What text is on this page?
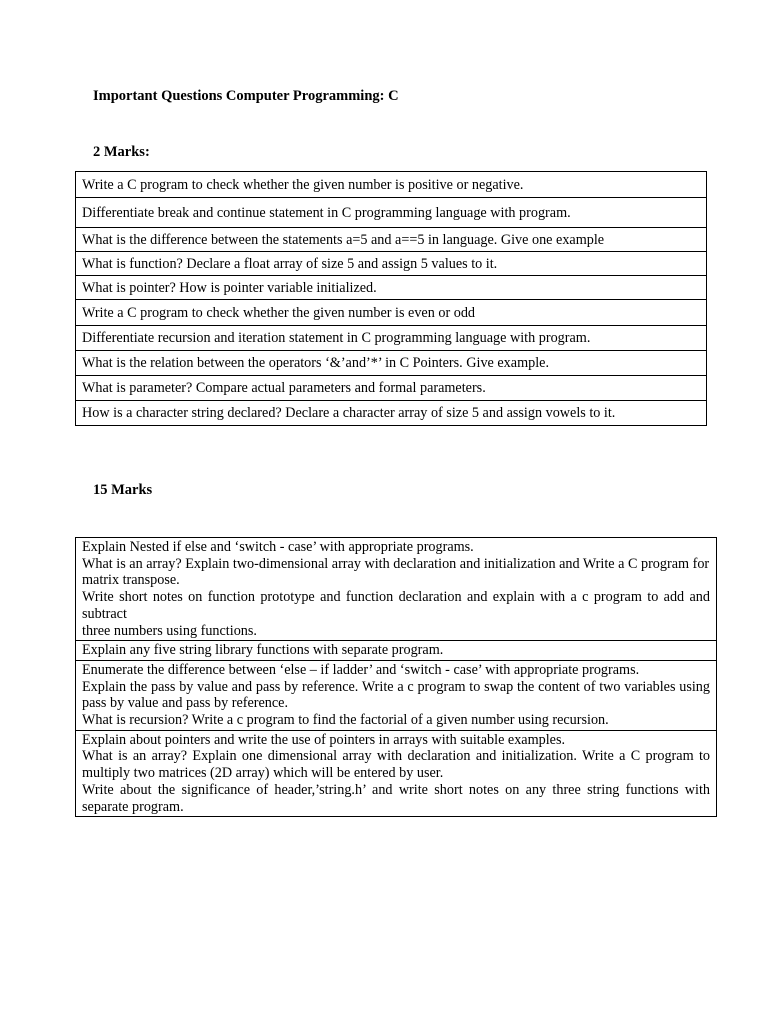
Important Questions Computer Programming: C
2 Marks:
Write a C program to check whether the given number is positive or negative.
Differentiate break and continue statement in C programming language with program.
What is the difference between the statements a=5 and a==5 in language. Give one example
What is function? Declare a float array of size 5 and assign 5 values to it.
What is pointer? How is pointer variable initialized.
Write a C program to check whether the given number is even or odd
Differentiate recursion and iteration statement in C programming language with program.
What is the relation between the operators ‘&’and’*’ in C Pointers. Give example.
What is parameter? Compare actual parameters and formal parameters.
How is a character string declared? Declare a character array of size 5 and assign vowels to it.
15 Marks
Explain Nested if else and ‘switch - case’ with appropriate programs.
What is an array? Explain two-dimensional array with declaration and initialization and Write a C program for
matrix transpose.
Write short notes on function prototype and function declaration and explain with a c program to add and subtract
three numbers using functions.

Explain any five string library functions with separate program.

Enumerate the difference between ‘else – if ladder’ and ‘switch - case’ with appropriate programs.
Explain the pass by value and pass by reference. Write a c program to swap the content of two variables using pass by value and pass by reference.
What is recursion? Write a c program to find the factorial of a given number using recursion.

Explain about pointers and write the use of pointers in arrays with suitable examples.
What is an array? Explain one dimensional array with declaration and initialization. Write a C program to multiply two matrices (2D array) which will be entered by user.
Write about the significance of header,’string.h’ and write short notes on any three string functions with separate program.
